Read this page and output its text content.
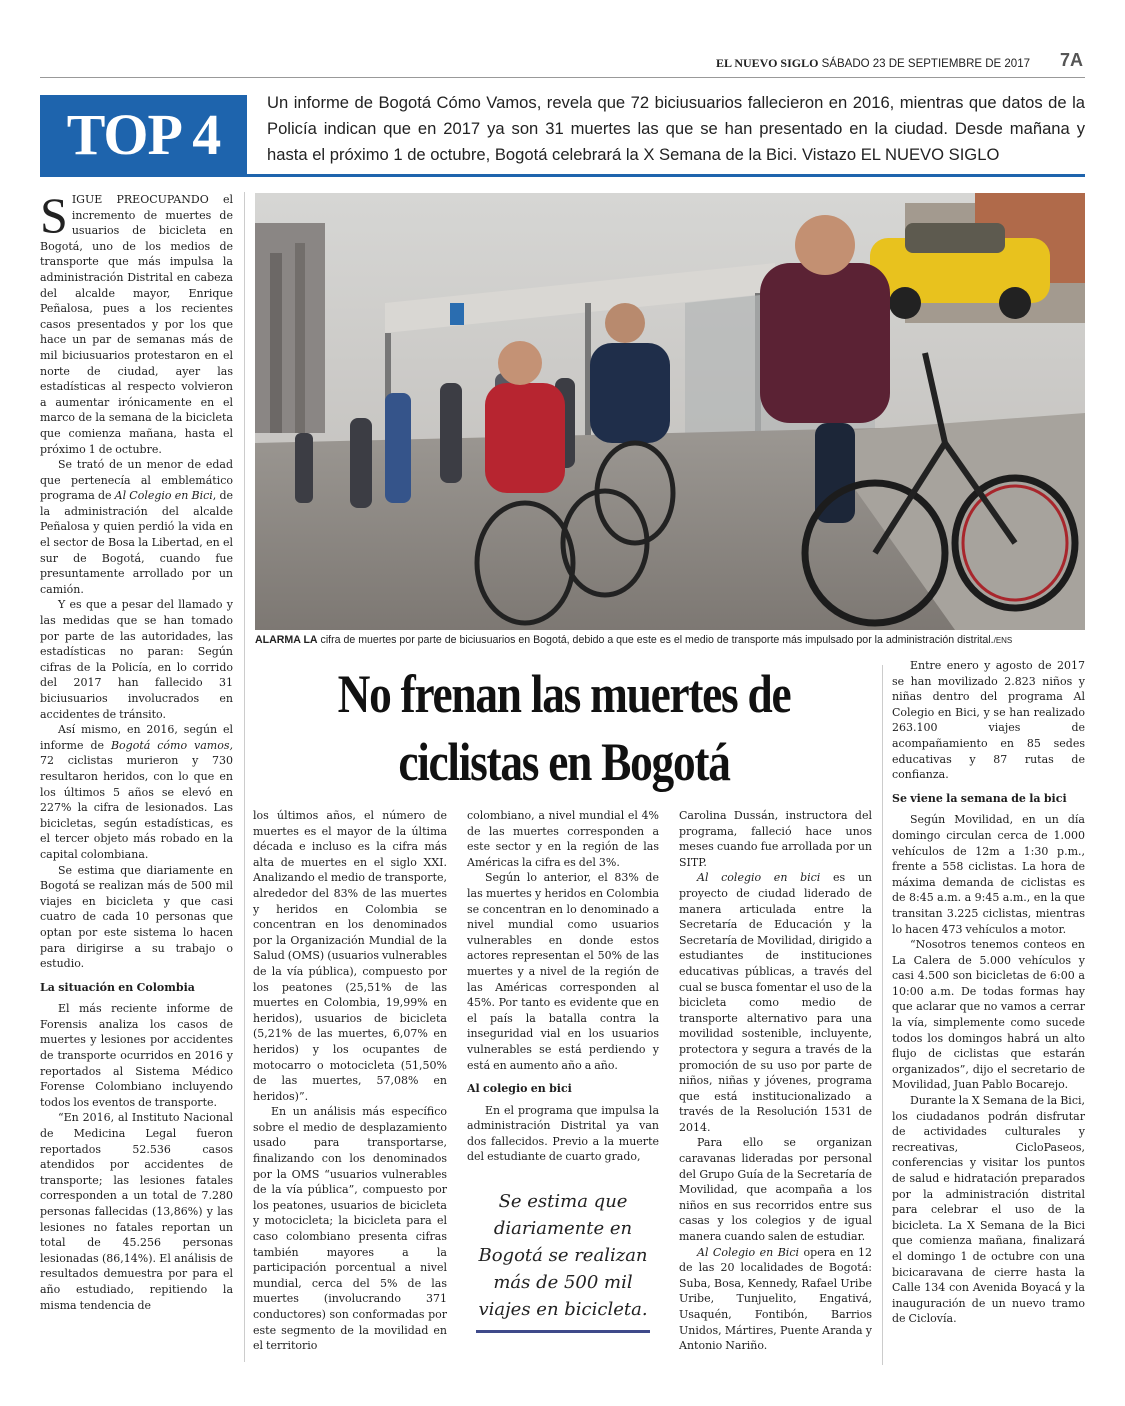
7A
EL NUEVO SIGLO SÁBADO 23 DE SEPTIEMBRE DE 2017
TOP 4	Un informe de Bogotá Cómo Vamos, revela que 72 biciusuarios fallecieron en 2016, mientras que datos de la Policía indican que en 2017 ya son 31 muertes las que se han presentado en la ciudad. Desde mañana y hasta el próximo 1 de octubre, Bogotá celebrará la X Semana de la Bici. Vistazo EL NUEVO SIGLO
ALARMA LA cifra de muertes por parte de biciusuarios en Bogotá, debido a que este es el medio de transporte más impulsado por la administración distrital./ENS
No frenan las muertes de
ciclistas en Bogotá

SIGUE PREOCUPANDO el incremento de muertes de usuarios de bicicleta en Bogotá, uno de los medios de transporte que más impulsa la administración Distrital en cabeza del alcalde mayor, Enrique Peñalosa, pues a los recientes casos presentados y por los que hace un par de semanas más de mil biciusuarios protestaron en el norte de ciudad, ayer las estadísticas al respecto volvieron a aumentar irónicamente en el marco de la semana de la bicicleta que comienza mañana, hasta el próximo 1 de octubre.

Se trató de un menor de edad que pertenecía al emblemático programa de Al Colegio en Bici, de la administración del alcalde Peñalosa y quien perdió la vida en el sector de Bosa la Libertad, en el sur de Bogotá, cuando fue presuntamente arrollado por un camión.

Y es que a pesar del llamado y las medidas que se han tomado por parte de las autoridades, las estadísticas no paran: Según cifras de la Policía, en lo corrido del 2017 han fallecido 31 biciusuarios involucrados en accidentes de tránsito.

Así mismo, en 2016, según el informe de Bogotá cómo vamos, 72 ciclistas murieron y 730 resultaron heridos, con lo que en los últimos 5 años se elevó en 227% la cifra de lesionados. Las bicicletas, según estadísticas, es el tercer objeto más robado en la capital colombiana.

Se estima que diariamente en Bogotá se realizan más de 500 mil viajes en bicicleta y que casi cuatro de cada 10 personas que optan por este sistema lo hacen para dirigirse a su trabajo o estudio.

La situación en Colombia

El más reciente informe de Forensis analiza los casos de muertes y lesiones por accidentes de transporte ocurridos en 2016 y reportados al Sistema Médico Forense Colombiano incluyendo todos los eventos de transporte.

“En 2016, al Instituto Nacional de Medicina Legal fueron reportados 52.536 casos atendidos por accidentes de transporte; las lesiones fatales corresponden a un total de 7.280 personas fallecidas (13,86%) y las lesiones no fatales reportan un total de 45.256 personas lesionadas (86,14%). El análisis de resultados demuestra por para el año estudiado, repitiendo la misma tendencia de

los últimos años, el número de muertes es el mayor de la última década e incluso es la cifra más alta de muertes en el siglo XXI. Analizando el medio de transporte, alrededor del 83% de las muertes y heridos en Colombia se concentran en los denominados por la Organización Mundial de la Salud (OMS) (usuarios vulnerables de la vía pública), compuesto por los peatones (25,51% de las muertes en Colombia, 19,99% en heridos), usuarios de bicicleta (5,21% de las muertes, 6,07% en heridos) y los ocupantes de motocarro o motocicleta (51,50% de las muertes, 57,08% en heridos)”.

En un análisis más específico sobre el medio de desplazamiento usado para transportarse, finalizando con los denominados por la OMS “usuarios vulnerables de la vía pública”, compuesto por los peatones, usuarios de bicicleta y motocicleta; la bicicleta para el caso colombiano presenta cifras también mayores a la participación porcentual a nivel mundial, cerca del 5% de las muertes (involucrando 371 conductores) son conformadas por este segmento de la movilidad en el territorio

colombiano, a nivel mundial el 4% de las muertes corresponden a este sector y en la región de las Américas la cifra es del 3%.

Según lo anterior, el 83% de las muertes y heridos en Colombia se concentran en lo denominado a nivel mundial como usuarios vulnerables en donde estos actores representan el 50% de las muertes y a nivel de la región de las Américas corresponden al 45%. Por tanto es evidente que en el país la batalla contra la inseguridad vial en los usuarios vulnerables se está perdiendo y está en aumento año a año.

Al colegio en bici

En el programa que impulsa la administración Distrital ya van dos fallecidos. Previo a la muerte del estudiante de cuarto grado,

Se estima que diariamente en Bogotá se realizan más de 500 mil viajes en bicicleta.

Carolina Dussán, instructora del programa, falleció hace unos meses cuando fue arrollada por un SITP.

Al colegio en bici es un proyecto de ciudad liderado de manera articulada entre la Secretaría de Educación y la Secretaría de Movilidad, dirigido a estudiantes de instituciones educativas públicas, a través del cual se busca fomentar el uso de la bicicleta como medio de transporte alternativo para una movilidad sostenible, incluyente, protectora y segura a través de la promoción de su uso por parte de niños, niñas y jóvenes, programa que está institucionalizado a través de la Resolución 1531 de 2014.

Para ello se organizan caravanas lideradas por personal del Grupo Guía de la Secretaría de Movilidad, que acompaña a los niños en sus recorridos entre sus casas y los colegios y de igual manera cuando salen de estudiar.

Al Colegio en Bici opera en 12 de las 20 localidades de Bogotá: Suba, Bosa, Kennedy, Rafael Uribe Uribe, Tunjuelito, Engativá, Usaquén, Fontibón, Barrios Unidos, Mártires, Puente Aranda y Antonio Nariño.

Entre enero y agosto de 2017 se han movilizado 2.823 niños y niñas dentro del programa Al Colegio en Bici, y se han realizado 263.100 viajes de acompañamiento en 85 sedes educativas y 87 rutas de confianza.

Se viene la semana de la bici

Según Movilidad, en un día domingo circulan cerca de 1.000 vehículos de 12m a 1:30 p.m., frente a 558 ciclistas. La hora de máxima demanda de ciclistas es de 8:45 a.m. a 9:45 a.m., en la que transitan 3.225 ciclistas, mientras lo hacen 473 vehículos a motor.

“Nosotros tenemos conteos en La Calera de 5.000 vehículos y casi 4.500 son bicicletas de 6:00 a 10:00 a.m. De todas formas hay que aclarar que no vamos a cerrar la vía, simplemente como sucede todos los domingos habrá un alto flujo de ciclistas que estarán organizados”, dijo el secretario de Movilidad, Juan Pablo Bocarejo.

Durante la X Semana de la Bici, los ciudadanos podrán disfrutar de actividades culturales y recreativas, CicloPaseos, conferencias y visitar los puntos de salud e hidratación preparados por la administración distrital para celebrar el uso de la bicicleta. La X Semana de la Bici que comienza mañana, finalizará el domingo 1 de octubre con una bicicaravana de cierre hasta la Calle 134 con Avenida Boyacá y la inauguración de un nuevo tramo de Ciclovía.
